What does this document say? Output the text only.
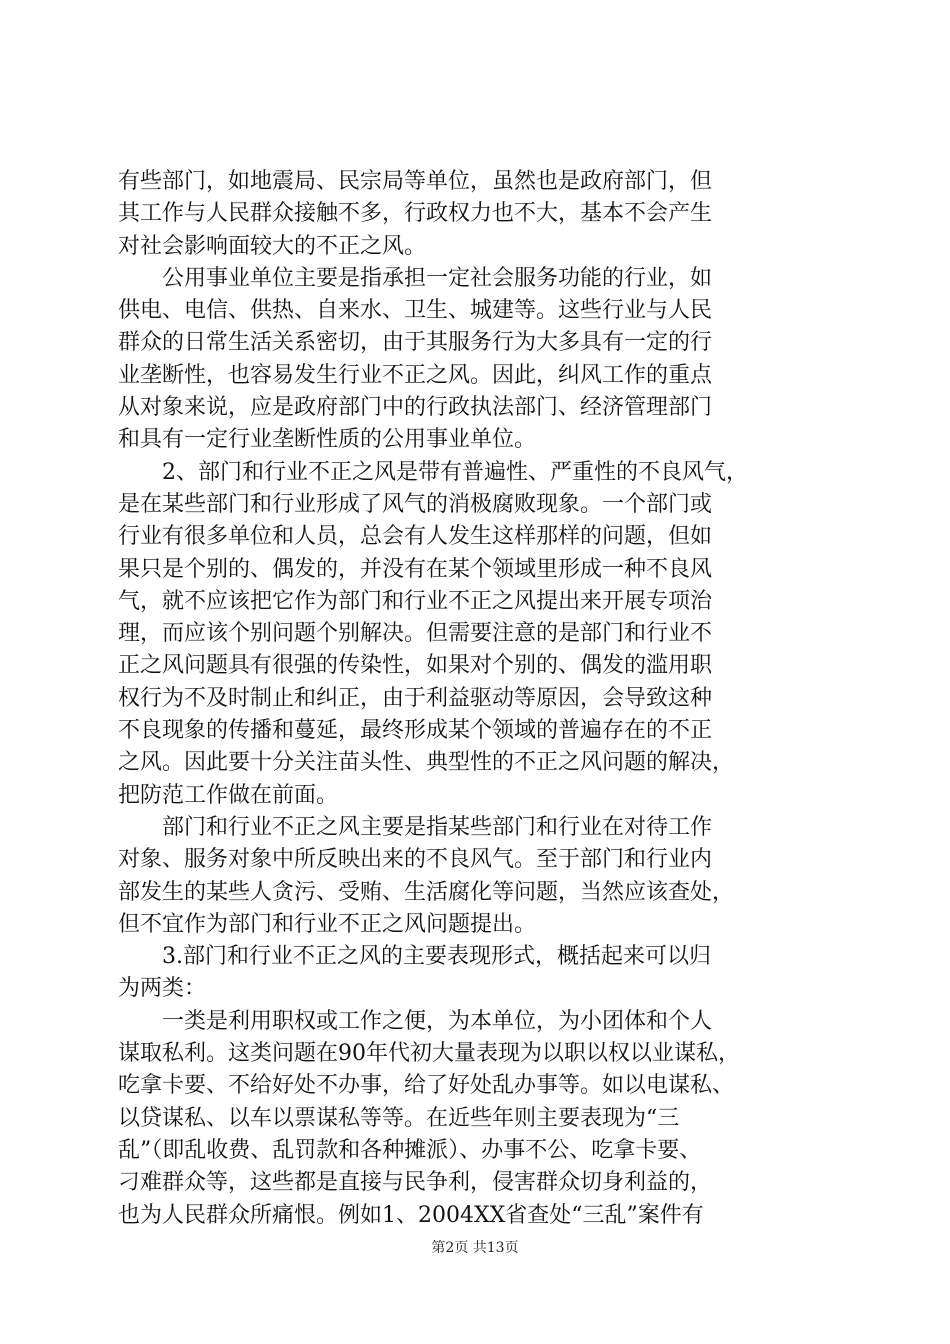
有些部门，如地震局、民宗局等单位，虽然也是政府部门，但
其工作与人民群众接触不多，行政权力也不大，基本不会产生
对社会影响面较大的不正之风。
　　公用事业单位主要是指承担一定社会服务功能的行业，如
供电、电信、供热、自来水、卫生、城建等。这些行业与人民
群众的日常生活关系密切，由于其服务行为大多具有一定的行
业垄断性，也容易发生行业不正之风。因此，纠风工作的重点
从对象来说，应是政府部门中的行政执法部门、经济管理部门
和具有一定行业垄断性质的公用事业单位。
　　2、部门和行业不正之风是带有普遍性、严重性的不良风气，
是在某些部门和行业形成了风气的消极腐败现象。一个部门或
行业有很多单位和人员，总会有人发生这样那样的问题，但如
果只是个别的、偶发的，并没有在某个领域里形成一种不良风
气，就不应该把它作为部门和行业不正之风提出来开展专项治
理，而应该个别问题个别解决。但需要注意的是部门和行业不
正之风问题具有很强的传染性，如果对个别的、偶发的滥用职
权行为不及时制止和纠正，由于利益驱动等原因，会导致这种
不良现象的传播和蔓延，最终形成某个领域的普遍存在的不正
之风。因此要十分关注苗头性、典型性的不正之风问题的解决，
把防范工作做在前面。
　　部门和行业不正之风主要是指某些部门和行业在对待工作
对象、服务对象中所反映出来的不良风气。至于部门和行业内
部发生的某些人贪污、受贿、生活腐化等问题，当然应该查处，
但不宜作为部门和行业不正之风问题提出。
　　3.部门和行业不正之风的主要表现形式，概括起来可以归
为两类：
　　一类是利用职权或工作之便，为本单位，为小团体和个人
谋取私利。这类问题在90年代初大量表现为以职以权以业谋私，
吃拿卡要、不给好处不办事，给了好处乱办事等。如以电谋私、
以贷谋私、以车以票谋私等等。在近些年则主要表现为“三
乱”（即乱收费、乱罚款和各种摊派）、办事不公、吃拿卡要、
刁难群众等，这些都是直接与民争利，侵害群众切身利益的，
也为人民群众所痛恨。例如1、2004XX省查处“三乱”案件有
第2页 共13页
